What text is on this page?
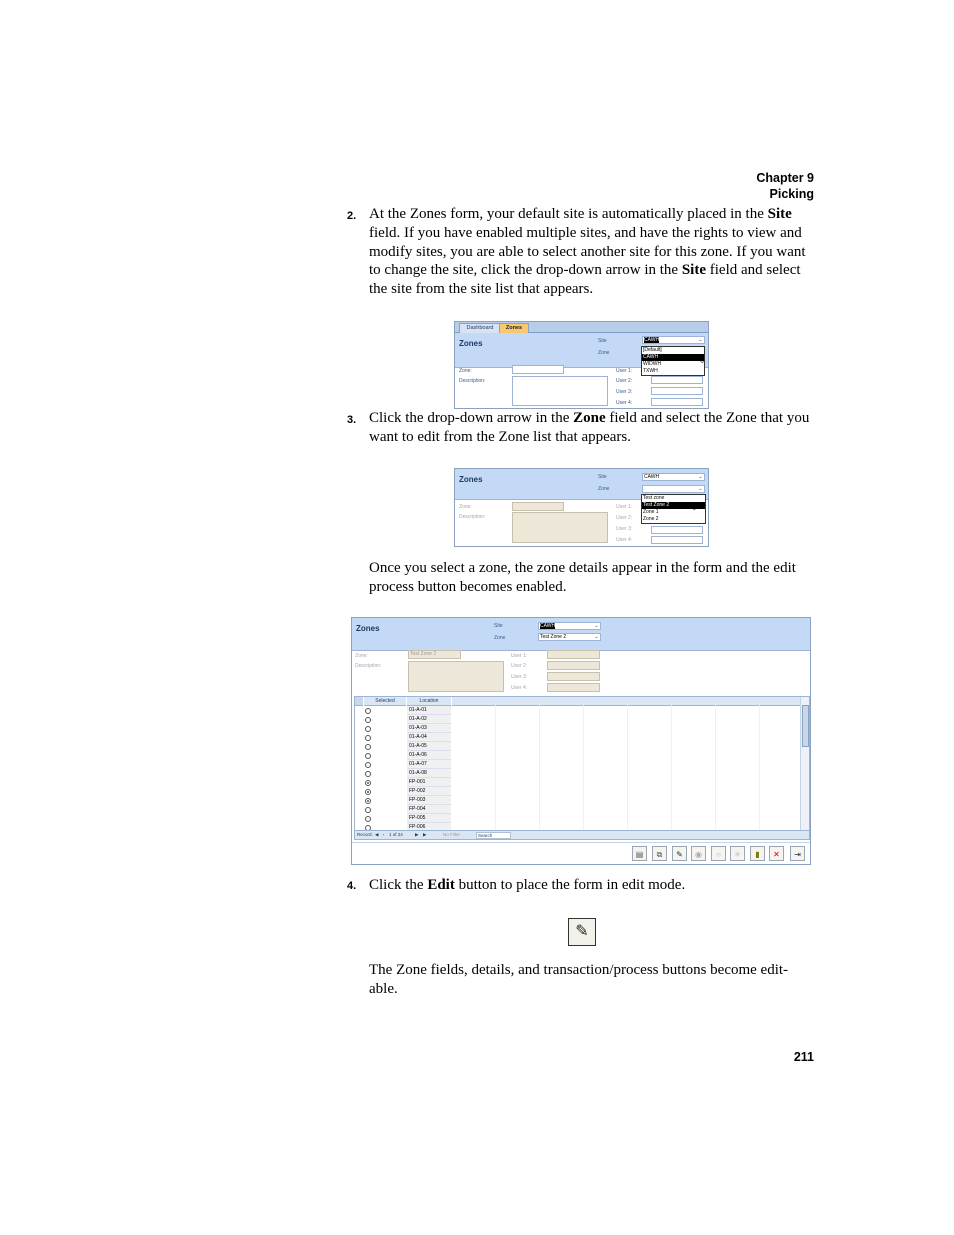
Chapter 9
Picking
2. At the Zones form, your default site is automatically placed in the Site field. If you have enabled multiple sites, and have the rights to view and modify sites, you are able to select another site for this zone. If you want to change the site, click the drop-down arrow in the Site field and select the site from the site list that appears.
Dashboard	Zones
Zones	Site
Zone
CAWH	⌄
Zone:
Description:
User 1:
User 2:
User 3:
User 4:
[Default]
CAWH
WIDWH
TXWH
⬁
3. Click the drop-down arrow in the Zone field and select the Zone that you want to edit from the Zone list that appears.
Zones	Site
Zone
CAWH	⌄
⌄
Zone:
Description:
User 1:
User 2:
User 3:
User 4:
Test zone
Test Zone 2
Zone 1
Zone 2
⬁
Once you select a zone, the zone details appear in the form and the edit process button becomes enabled.
Zones	Site
Zone
CAWH	⌄
Test Zone 2	⌄
Zone:
Description:
Test Zone 2	User 1:
User 2:
User 3:
User 4:
Selected	Location
01-A-01
01-A-02
01-A-03
01-A-04
01-A-05
01-A-06
01-A-07
01-A-08
FP-001
FP-002
FP-003
FP-004
FP-005
FP-006
Record: ◀ ‹ 1 of 24	▶ ▶	No Filter	Search
▤	⧉	✎	◉	○	✳	▮	✕	⇥
4. Click the Edit button to place the form in edit mode.
✎
The Zone fields, details, and transaction/process buttons become edit-able.
211
